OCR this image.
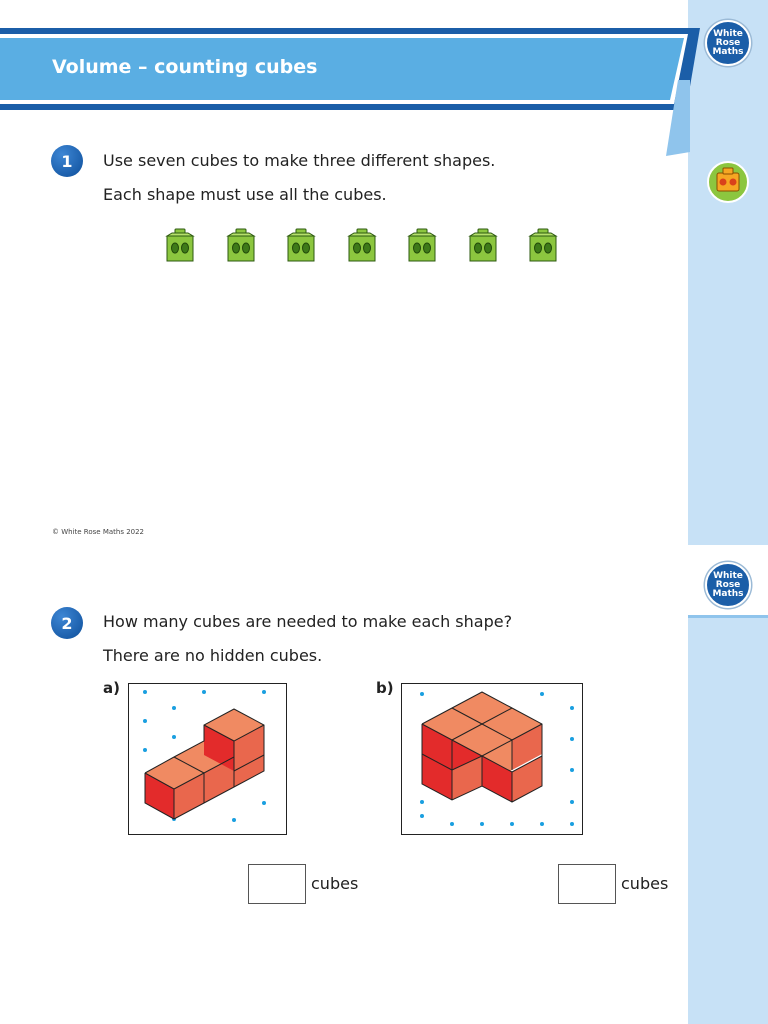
Volume – counting cubes
White
Rose
Maths
1	Use seven cubes to make three different shapes.
Each shape must use all the cubes.
© White Rose Maths 2022
White
Rose
Maths
2	How many cubes are needed to make each shape?
There are no hidden cubes.
a)
cubes
b)
cubes
